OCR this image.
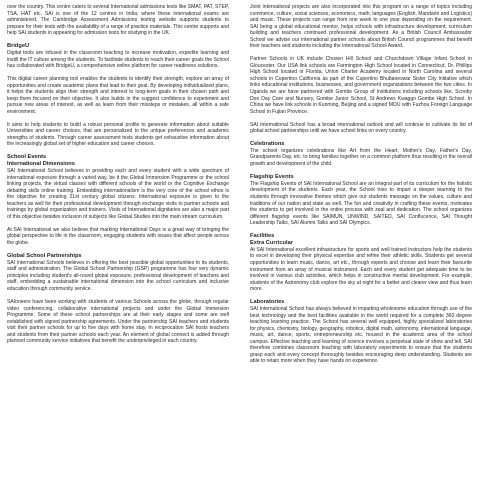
over the country. This centre caters to several International admissions tests like SMAT, PAT, STEP, TSA, HAT etc. SAI is one of the 12 centres in India, where these international exams are administered. The Cambridge Assessment Admissions testing website supports students to prepare for their tests with the availability of a range of practice materials. This centre supports and help SAI students in appearing for admission tests for studying in the UK.

BridgeU

Digital tools are infused in the classroom teaching to increase motivation, expedite learning and instill the IT culture among the students. To facilitate students to reach their career goals the School has collaborated with BridgeU, a comprehensive online platform for career readiness solutions.

This digital career planning tool enables the students to identify their strength, explore an array of opportunities and create academic plans that lead to their goal. By developing individualized plans, it helps the students align their strength and interest to long-term goals in their chosen path and keep them focused on their objective. It also builds in the suggest confidence to experiment and pursue new areas of interest, as well as learn from their missteps or mistakes, all within a safe environment.

It aims to help students to build a robust personal profile to generate information about suitable Universities and career choices, that are personalized to the unique preferences and academic strengths of students. Through career assessment tests students get exhaustive information about the increasingly global set of higher education and career choices.

School Events
International Dimensions

SAI International School believes in providing each and every student with a wide spectrum of international exposure through a varied way, be it the Global Immersion Programme or the school linking projects, the virtual classes with different schools of the world or the Cognitive Exchange debating skills online training. Embedding internationalism is the very core of the school ethos is the objective for creating 21st century global citizens. International exposure is given to the teachers as well for their professional development through exchange visits to partner schools and trainings by global organization and trainers. Visits of International dignitaries are also a major part of this objective besides inclusion of subjects like Global Studies into the main stream curriculum.

At SAI International we also believe that marking International Days is a great way of bringing the global perspective to life in the classroom, engaging students with issues that affect people across the globe.

Global School Partnerships

SAI International Schools believes in offering the best possible global opportunities to its students, staff and administration. The Global School Partnership (GSP) programme has four very dynamic principles including student's all-round global exposure, professional development of teachers and staff, embedding a sustainable international dimension into the school curriculum and inclusive education through community service.

SAIoneers have been working with students of various Schools across the globe, through regular video conferencing, collaborative international projects and under the Global Immersion Programme. Some of these school partnerships are at their early stages and some are well established with signed partnership agreements. Under the partnership SAI teachers and students visit their partner schools for up to five days with home stay. In reciprocation SAI hosts teachers and students from their partner schools each year. An element of global connect is added through planned community service initiatives that benefit the underprivileged in each country.

Joint international projects are also incorporated into this program on a range of topics including commerce, culture, social sciences, economics, math, languages (English, Mandarin and Logistics) and music. These projects can range from one week to one year depending on the requirement. SAI being a global educational mentor, helps schools with infrastructure development, curriculum building and teachers continued professional development. As a British Council Ambassador School we advise our international partner schools about British Council programmes that benefit their teachers and students including the International School Award.

Partner Schools in UK include Chosen Hill School and Churchdown Village Infant School in Gloucester. Our USA link schools are Farmington High School located in Connecticut, Dr. Phillips High School located in Florida, Union Charter Academy located in North Carolina and several schools in Cupertino California as part of the Cupertino Bhubaneswar Sister City Initiative which links educational institutions, businesses, and government organizations between the two cities. In Uganda we are have partnered with Gombe Group of Institutions including schools like, Scooby Doo Day Care and Nursery, Gombe Junior School, St Andrews Kwaggo Gombe High School. In China we have link schools in Kunming, Beijing and a signed MOU with Fuzhou Foreign Language School in Fujian Province.

SAI International School has a broad international outlook and will continue to cultivate its list of global school partnerships until we have school links on every country.

Celebrations

The school organizes celebrations like Art from the Heart, Mother's Day, Father's Day, Grandparents Day, etc. to bring families together on a common platform thus resulting in the overall growth and development of the child.

Flagship Events

The Flagship Events of SAI International School are an integral part of its curriculum for the holistic development of the students. Each year, the School tries to impart a deeper learning to the students through innovative themes which give our students message on the values, culture and traditions of our nation and state as well. The fun and creativity in crafting these events, motivates the students to get involved in the entire process with zeal and dedication. The school organizes different flagship events like SAIMUN, UNWIND, SAITED, SAI Conflucence, SAI Thought Leadership Talks, SAI Alumni Talks and SAI Olympics.

Facilities
Extra Curricular

At SAI International excellent infrastructure for sports and well trained instructors help the students to excel in developing their physical expertise and refine their athletic skills. Students get several opportunities to learn music, dance, art etc., through experts and choose and learn their favourite instrument from an array of musical instrument. Each and every student get adequate time to be involved in various club activities, which helps in constructive mental development. For example, students of the Astronomy club explore the sky at night for a better and clearer view and thus learn more.

Laboratories

SAI International School has always believed in imparting wholesome education through use of the best technology and the best facilities available in the world required for a complete 360 degree teaching learning practice. The School has several well equipped, highly specialized laboratories for physics, chemistry, biology, geography, robotics, digital math, astronomy, international language, music, art, dance, sports, entrepreneurship etc. housed in the academic area of the school campus. Effective teaching and learning of science involves a perpetual state of show and tell. SAI therefore combines classroom teaching with laboratory experiments to ensure that the students grasp each and every concept thoroughly besides encouraging deep understanding. Students are able to retain more when they have hands on experience.
